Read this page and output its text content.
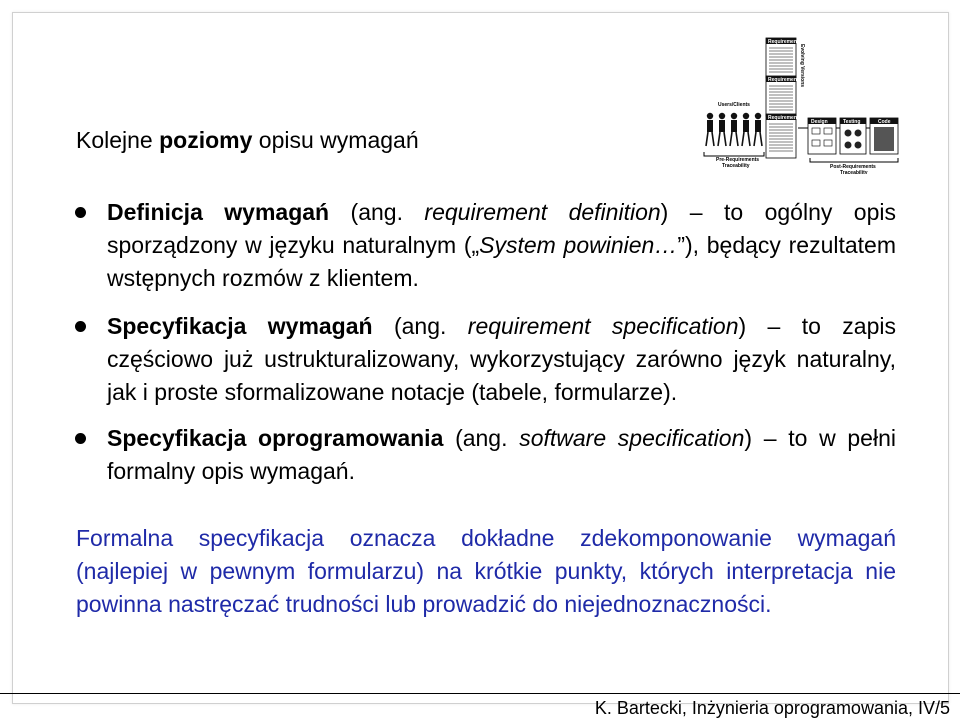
Requirements
Requirements
Requirements
Evolving Versions
Users/Clients
Design	Testing	Code
Pre-Requirements
Traceability	Post-Requirements
Traceability
Kolejne poziomy opisu wymagań
Definicja wymagań (ang. requirement definition) – to ogólny opis sporządzony w języku naturalnym („System powinien…”), będący rezultatem wstępnych rozmów z klientem.
Specyfikacja wymagań (ang. requirement specification) – to zapis częściowo już ustrukturalizowany, wykorzystujący zarówno język naturalny, jak i proste sformalizowane notacje (tabele, formularze).
Specyfikacja oprogramowania (ang. software specification) – to w pełni formalny opis wymagań.
Formalna specyfikacja oznacza dokładne zdekomponowanie wymagań (najlepiej w pewnym formularzu) na krótkie punkty, których interpretacja nie powinna nastręczać trudności lub prowadzić do niejednoznaczności.
K. Bartecki, Inżynieria oprogramowania, IV/5
